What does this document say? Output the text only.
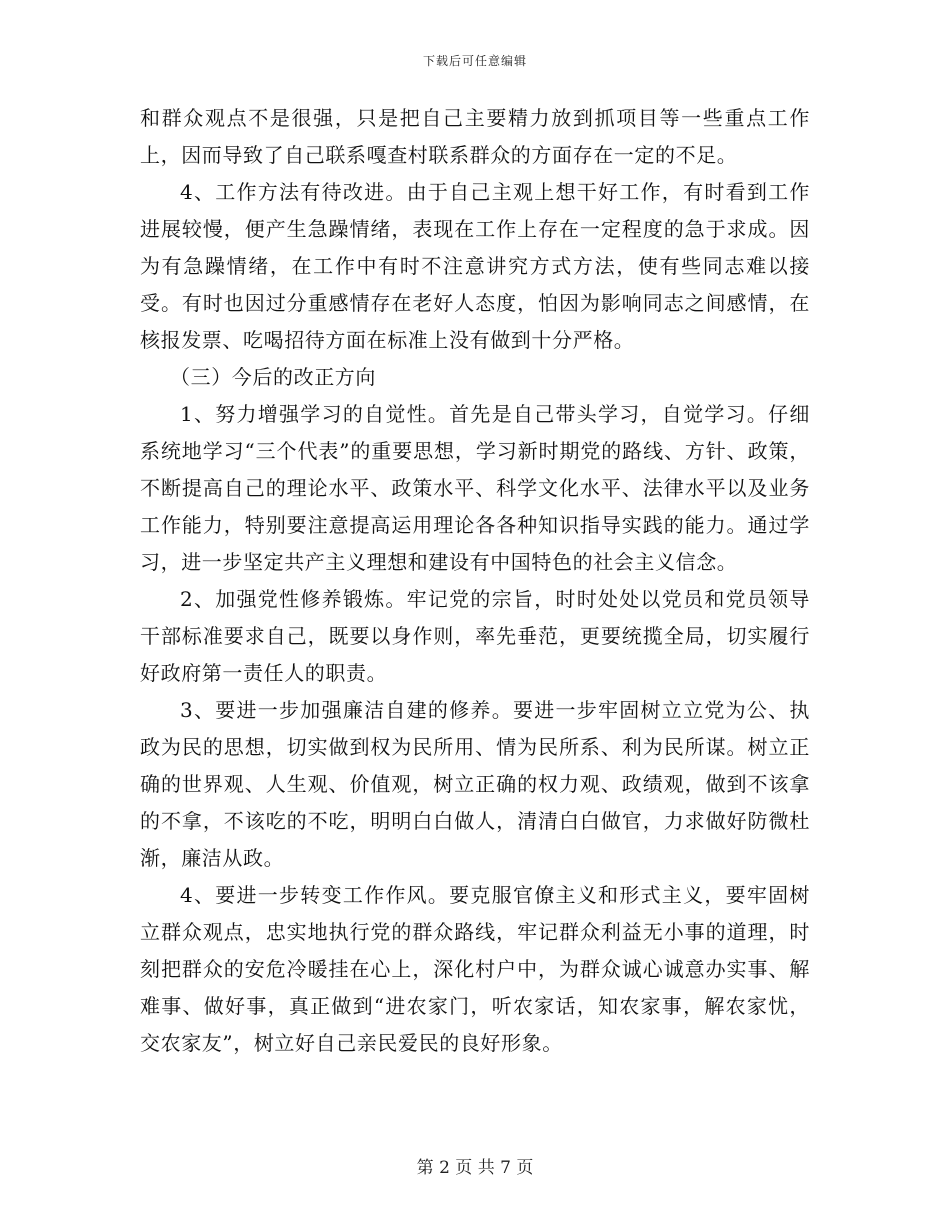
下载后可任意编辑

和群众观点不是很强，只是把自己主要精力放到抓项目等一些重点工作上，因而导致了自己联系嘎查村联系群众的方面存在一定的不足。

4、工作方法有待改进。由于自己主观上想干好工作，有时看到工作进展较慢，便产生急躁情绪，表现在工作上存在一定程度的急于求成。因为有急躁情绪，在工作中有时不注意讲究方式方法，使有些同志难以接受。有时也因过分重感情存在老好人态度，怕因为影响同志之间感情，在核报发票、吃喝招待方面在标准上没有做到十分严格。

（三）今后的改正方向

1、努力增强学习的自觉性。首先是自己带头学习，自觉学习。仔细系统地学习“三个代表”的重要思想，学习新时期党的路线、方针、政策，不断提高自己的理论水平、政策水平、科学文化水平、法律水平以及业务工作能力，特别要注意提高运用理论各各种知识指导实践的能力。通过学习，进一步坚定共产主义理想和建设有中国特色的社会主义信念。

2、加强党性修养锻炼。牢记党的宗旨，时时处处以党员和党员领导干部标准要求自己，既要以身作则，率先垂范，更要统揽全局，切实履行好政府第一责任人的职责。

3、要进一步加强廉洁自建的修养。要进一步牢固树立立党为公、执政为民的思想，切实做到权为民所用、情为民所系、利为民所谋。树立正确的世界观、人生观、价值观，树立正确的权力观、政绩观，做到不该拿的不拿，不该吃的不吃，明明白白做人，清清白白做官，力求做好防微杜渐，廉洁从政。

4、要进一步转变工作作风。要克服官僚主义和形式主义，要牢固树立群众观点，忠实地执行党的群众路线，牢记群众利益无小事的道理，时刻把群众的安危冷暖挂在心上，深化村户中，为群众诚心诚意办实事、解难事、做好事，真正做到“进农家门，听农家话，知农家事，解农家忧，交农家友”，树立好自己亲民爱民的良好形象。

第 2 页 共 7 页
